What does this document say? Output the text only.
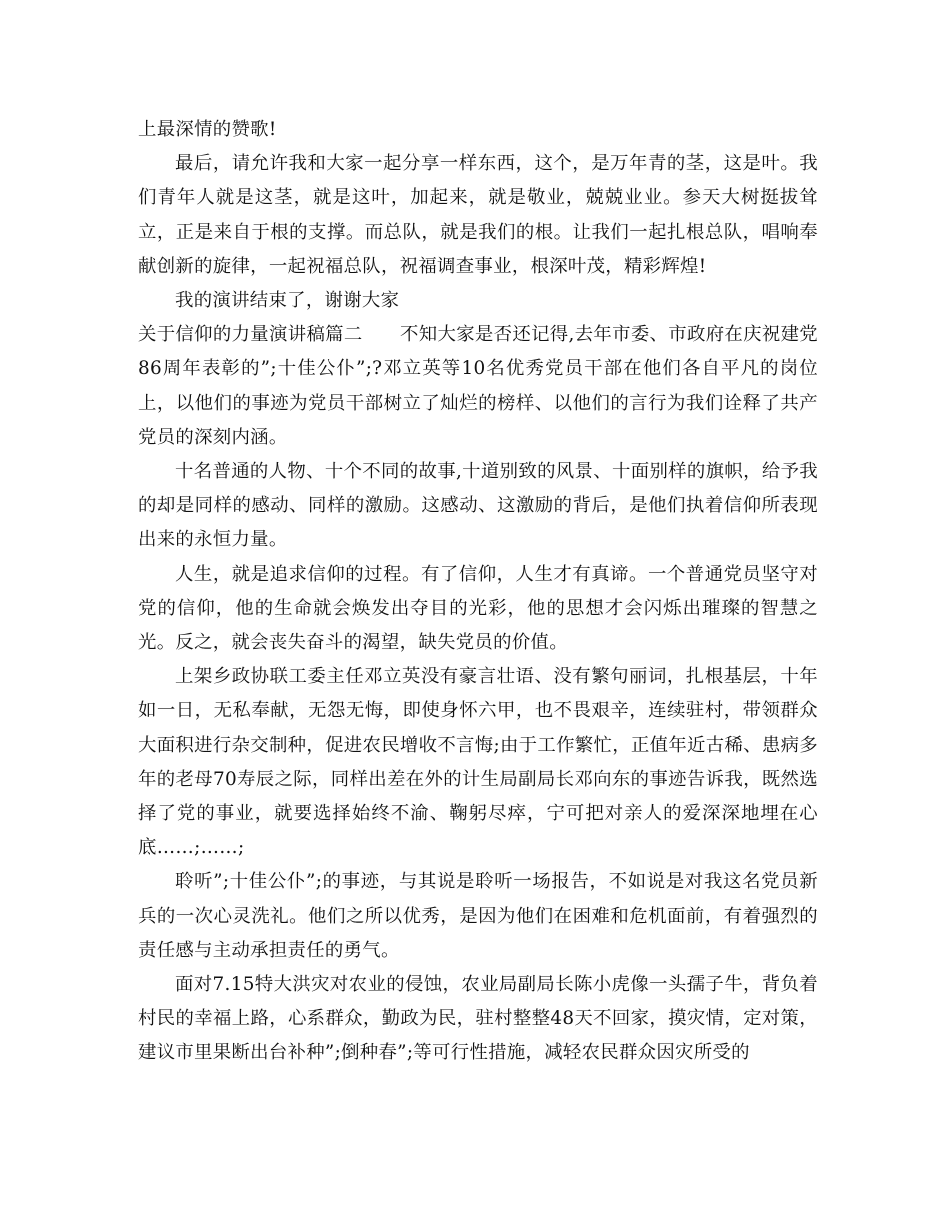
上最深情的赞歌!

最后，请允许我和大家一起分享一样东西，这个，是万年青的茎，这是叶。我们青年人就是这茎，就是这叶，加起来，就是敬业，兢兢业业。参天大树挺拔耸立，正是来自于根的支撑。而总队，就是我们的根。让我们一起扎根总队，唱响奉献创新的旋律，一起祝福总队，祝福调查事业，根深叶茂，精彩辉煌!

我的演讲结束了，谢谢大家

关于信仰的力量演讲稿篇二　　不知大家是否还记得,去年市委、市政府在庆祝建党86周年表彰的”;十佳公仆”;?邓立英等10名优秀党员干部在他们各自平凡的岗位上，以他们的事迹为党员干部树立了灿烂的榜样、以他们的言行为我们诠释了共产党员的深刻内涵。

十名普通的人物、十个不同的故事,十道别致的风景、十面别样的旗帜，给予我的却是同样的感动、同样的激励。这感动、这激励的背后，是他们执着信仰所表现出来的永恒力量。

人生，就是追求信仰的过程。有了信仰，人生才有真谛。一个普通党员坚守对党的信仰，他的生命就会焕发出夺目的光彩，他的思想才会闪烁出璀璨的智慧之光。反之，就会丧失奋斗的渴望，缺失党员的价值。

上架乡政协联工委主任邓立英没有豪言壮语、没有繁句丽词，扎根基层，十年如一日，无私奉献，无怨无悔，即使身怀六甲，也不畏艰辛，连续驻村，带领群众大面积进行杂交制种，促进农民增收不言悔;由于工作繁忙，正值年近古稀、患病多年的老母70寿辰之际，同样出差在外的计生局副局长邓向东的事迹告诉我，既然选择了党的事业，就要选择始终不渝、鞠躬尽瘁，宁可把对亲人的爱深深地埋在心底……;……;

聆听”;十佳公仆”;的事迹，与其说是聆听一场报告，不如说是对我这名党员新兵的一次心灵洗礼。他们之所以优秀，是因为他们在困难和危机面前，有着强烈的责任感与主动承担责任的勇气。

面对7.15特大洪灾对农业的侵蚀，农业局副局长陈小虎像一头孺子牛，背负着村民的幸福上路，心系群众，勤政为民，驻村整整48天不回家，摸灾情，定对策，建议市里果断出台补种”;倒种春”;等可行性措施，减轻农民群众因灾所受的
